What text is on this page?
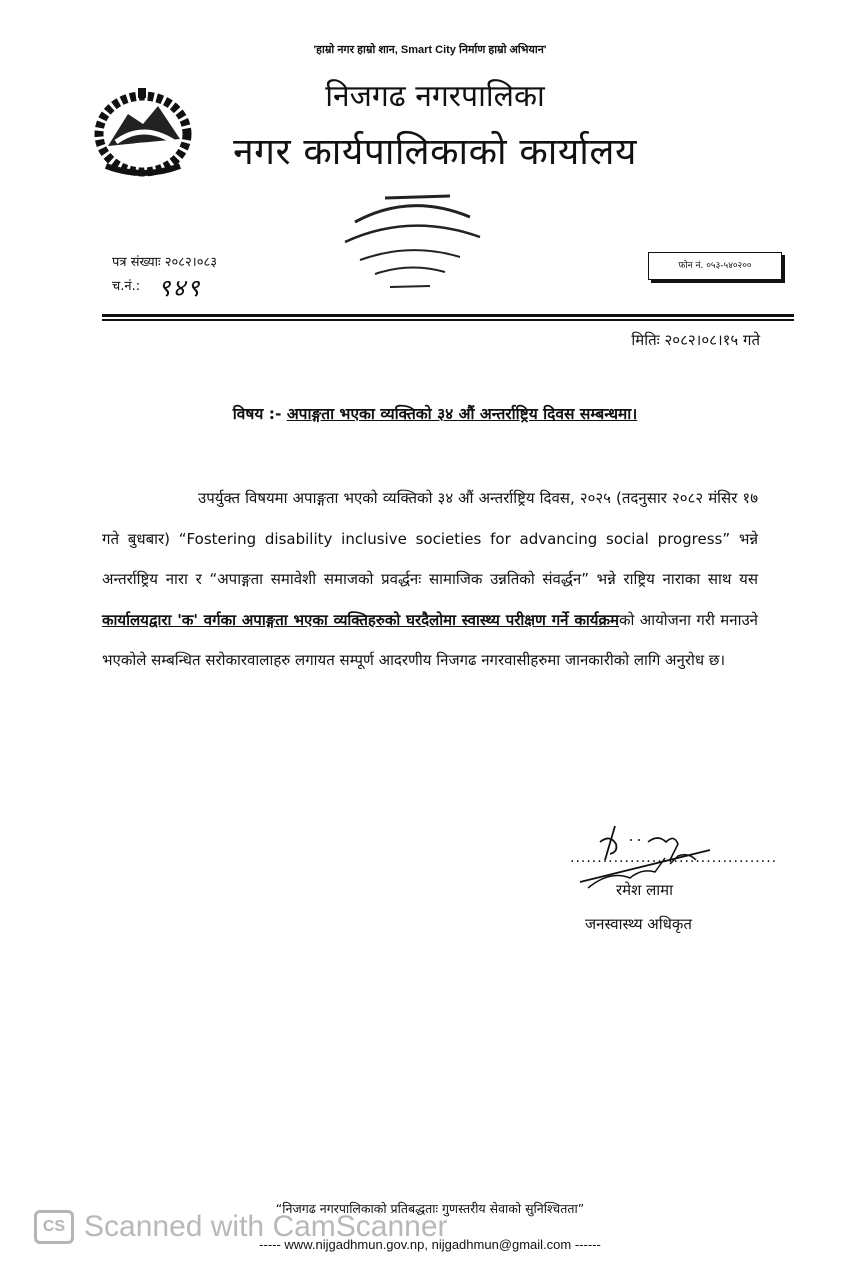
'हाम्रो नगर हाम्रो शान, Smart City निर्माण हाम्रो अभियान'
निजगढ नगरपालिका
नगर कार्यपालिकाको कार्यालय
पत्र संख्याः २०८२।०८३
च.नं.: ९४९
फोन नं. ०५३-५४०२००
मितिः २०८२।०८।१५ गते
विषय :- अपाङ्गता भएका व्यक्तिको ३४ औं अन्तर्राष्ट्रिय दिवस सम्बन्धमा।
उपर्युक्त विषयमा अपाङ्गता भएको व्यक्तिको ३४ औं अन्तर्राष्ट्रिय दिवस, २०२५ (तदनुसार २०८२ मंसिर १७ गते बुधबार) “Fostering disability inclusive societies for advancing social progress” भन्ने अन्तर्राष्ट्रिय नारा र “अपाङ्गता समावेशी समाजको प्रवर्द्धनः सामाजिक उन्नतिको संवर्द्धन” भन्ने राष्ट्रिय नाराका साथ यस कार्यालयद्वारा 'क' वर्गका अपाङ्गता भएका व्यक्तिहरुको घरदैलोमा स्वास्थ्य परीक्षण गर्ने कार्यक्रमको आयोजना गरी मनाउने भएकोले सम्बन्धित सरोकारवालाहरु लगायत सम्पूर्ण आदरणीय निजगढ नगरवासीहरुमा जानकारीको लागि अनुरोध छ।
......................................
रमेश लामा
जनस्वास्थ्य अधिकृत
“निजगढ नगरपालिकाको प्रतिबद्धताः गुणस्तरीय सेवाको सुनिश्चितता”
----- www.nijgadhmun.gov.np, nijgadhmun@gmail.com ------
CS Scanned with CamScanner
